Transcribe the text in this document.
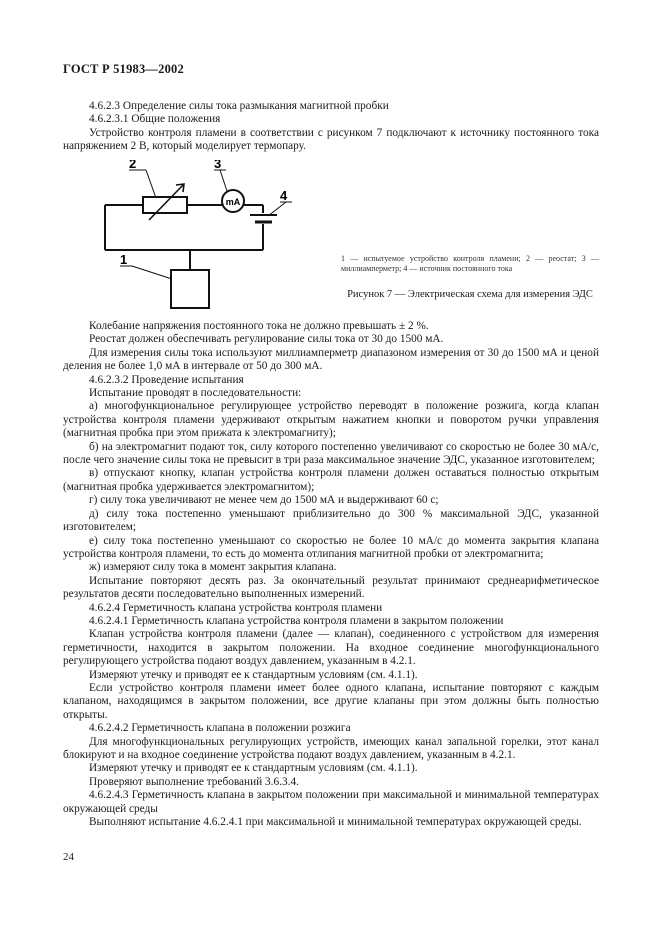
ГОСТ Р 51983—2002

4.6.2.3 Определение силы тока размыкания магнитной пробки

4.6.2.3.1 Общие положения

Устройство контроля пламени в соответствии с рисунком 7 подключают к источнику постоянного тока напряжением 2 В, который моделирует термопару.

2	3
4
1
mA
1 — испытуемое устройство контроля пламени; 2 — реостат; 3 — миллиамперметр; 4 — источник постоянного тока
Рисунок 7 — Электрическая схема для измерения ЭДС

Колебание напряжения постоянного тока не должно превышать ± 2 %.

Реостат должен обеспечивать регулирование силы тока от 30 до 1500 мА.

Для измерения силы тока используют миллиамперметр диапазоном измерения от 30 до 1500 мА и ценой деления не более 1,0 мА в интервале от 50 до 300 мА.

4.6.2.3.2 Проведение испытания

Испытание проводят в последовательности:

а) многофункциональное регулирующее устройство переводят в положение розжига, когда клапан устройства контроля пламени удерживают открытым нажатием кнопки и поворотом ручки управления (магнитная пробка при этом прижата к электромагниту);

б) на электромагнит подают ток, силу которого постепенно увеличивают со скоростью не более 30 мА/с, после чего значение силы тока не превысит в три раза максимальное значение ЭДС, указанное изготовителем;

в) отпускают кнопку, клапан устройства контроля пламени должен оставаться полностью открытым (магнитная пробка удерживается электромагнитом);

г) силу тока увеличивают не менее чем до 1500 мА и выдерживают 60 с;

д) силу тока постепенно уменьшают приблизительно до 300 % максимальной ЭДС, указанной изготовителем;

е) силу тока постепенно уменьшают со скоростью не более 10 мА/с до момента закрытия клапана устройства контроля пламени, то есть до момента отлипания магнитной пробки от электромагнита;

ж) измеряют силу тока в момент закрытия клапана.

Испытание повторяют десять раз. За окончательный результат принимают среднеарифметическое результатов десяти последовательно выполненных измерений.

4.6.2.4 Герметичность клапана устройства контроля пламени

4.6.2.4.1 Герметичность клапана устройства контроля пламени в закрытом положении

Клапан устройства контроля пламени (далее — клапан), соединенного с устройством для измерения герметичности, находится в закрытом положении. На входное соединение многофункционального регулирующего устройства подают воздух давлением, указанным в 4.2.1.

Измеряют утечку и приводят ее к стандартным условиям (см. 4.1.1).

Если устройство контроля пламени имеет более одного клапана, испытание повторяют с каждым клапаном, находящимся в закрытом положении, все другие клапаны при этом должны быть полностью открыты.

4.6.2.4.2 Герметичность клапана в положении розжига

Для многофункциональных регулирующих устройств, имеющих канал запальной горелки, этот канал блокируют и на входное соединение устройства подают воздух давлением, указанным в 4.2.1.

Измеряют утечку и приводят ее к стандартным условиям (см. 4.1.1).

Проверяют выполнение требований 3.6.3.4.

4.6.2.4.3 Герметичность клапана в закрытом положении при максимальной и минимальной температурах окружающей среды

Выполняют испытание 4.6.2.4.1 при максимальной и минимальной температурах окружающей среды.

24
